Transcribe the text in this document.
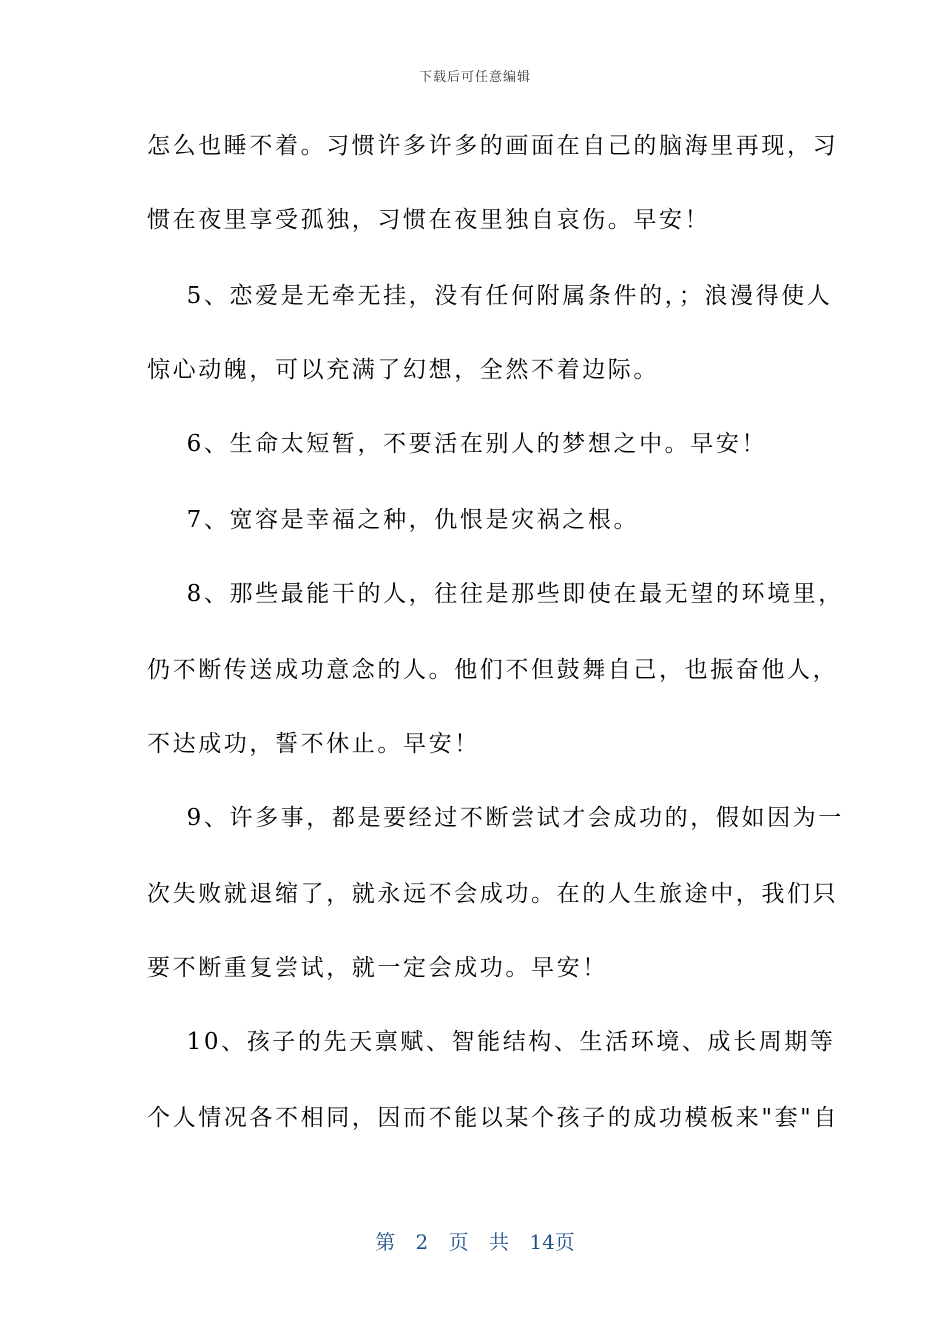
下载后可任意编辑
怎么也睡不着。习惯许多许多的画面在自己的脑海里再现，习
惯在夜里享受孤独，习惯在夜里独自哀伤。早安！
5、恋爱是无牵无挂，没有任何附属条件的，；浪漫得使人
惊心动魄，可以充满了幻想，全然不着边际。
6、生命太短暂，不要活在别人的梦想之中。早安！
7、宽容是幸福之种，仇恨是灾祸之根。
8、那些最能干的人，往往是那些即使在最无望的环境里，
仍不断传送成功意念的人。他们不但鼓舞自己，也振奋他人，
不达成功，誓不休止。早安！
9、许多事，都是要经过不断尝试才会成功的，假如因为一
次失败就退缩了，就永远不会成功。在的人生旅途中，我们只
要不断重复尝试，就一定会成功。早安！
10、孩子的先天禀赋、智能结构、生活环境、成长周期等
个人情况各不相同，因而不能以某个孩子的成功模板来"套"自
第 2 页 共 14页
